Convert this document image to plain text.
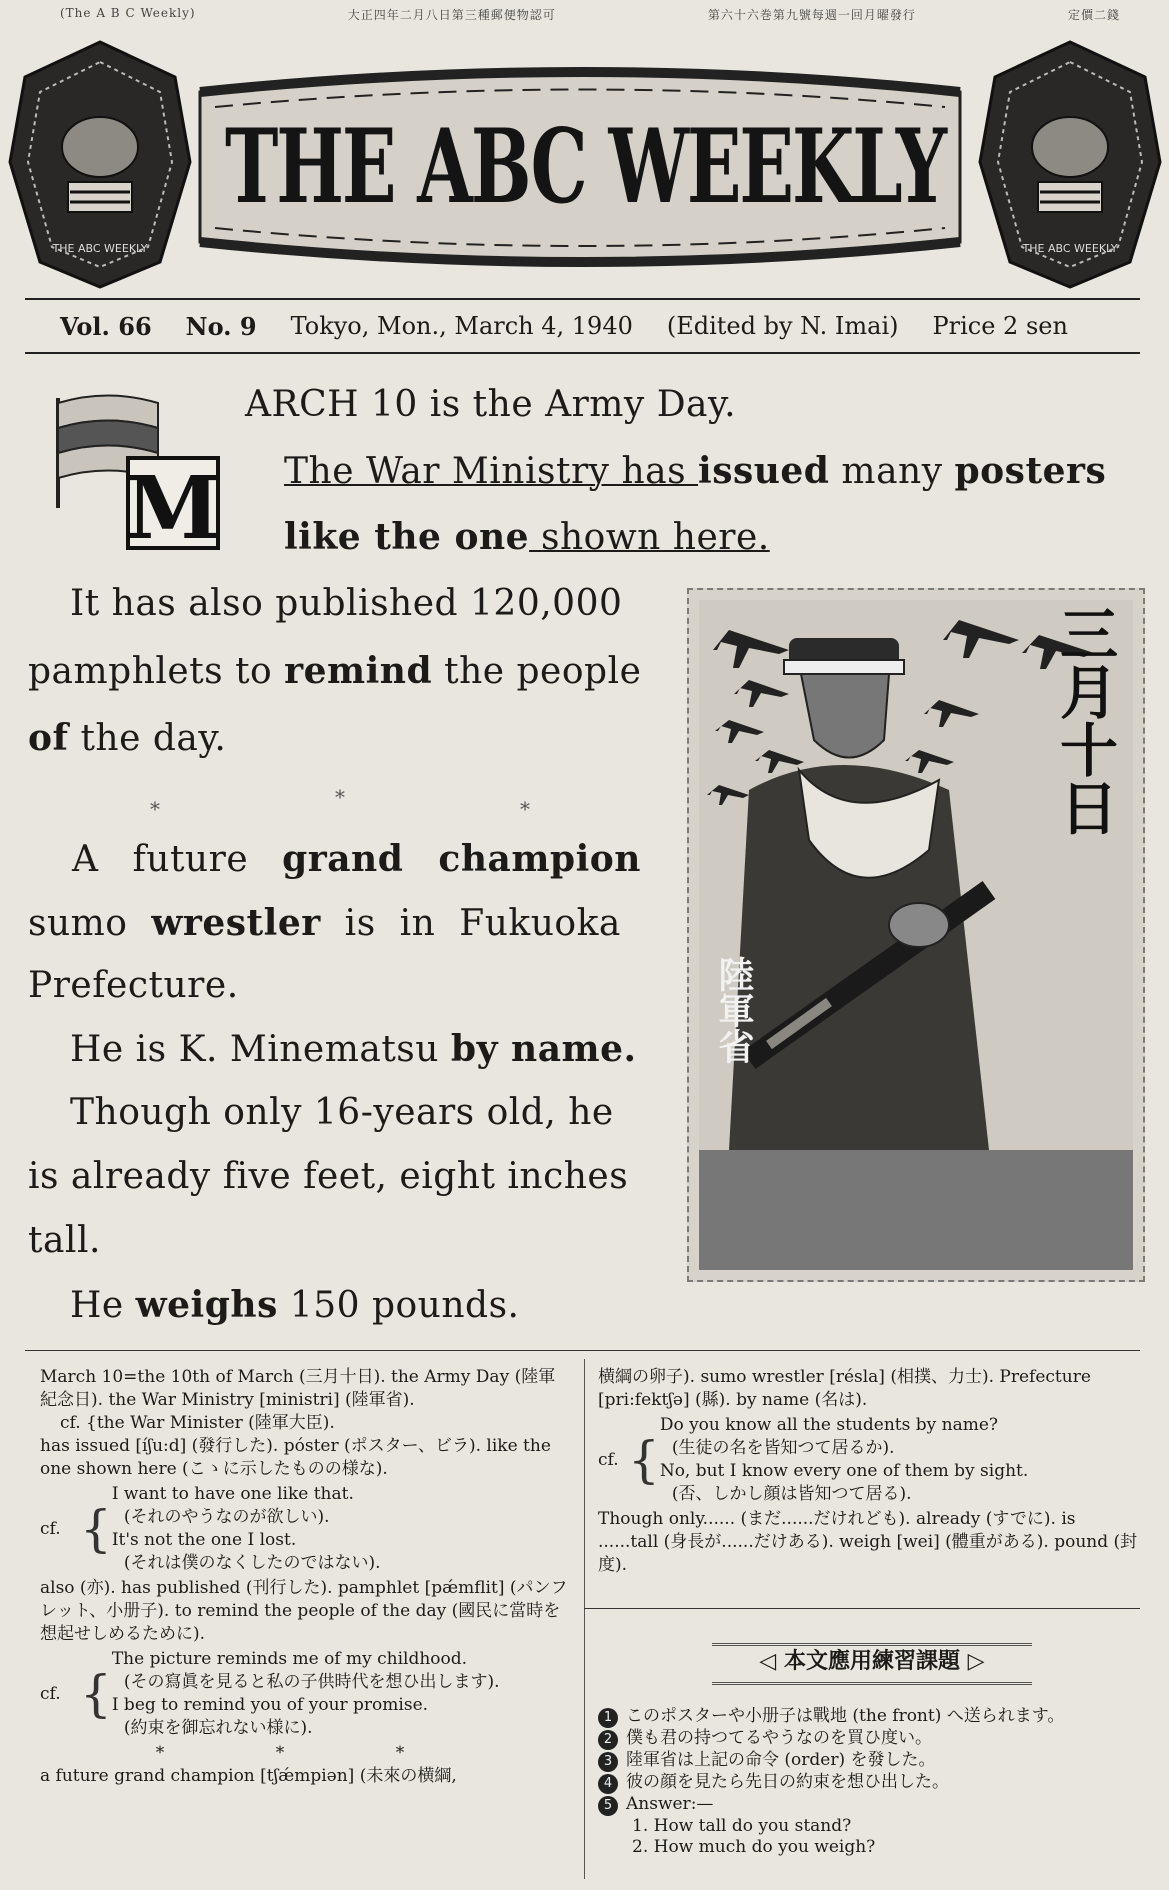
(The A B C Weekly)	大正四年二月八日第三種郵便物認可	第六十六巻第九號每週一回月曜發行	定價二錢
THE ABC WEEKLY
THE ABC WEEKLY	THE ABC WEEKLY
Vol. 66 No. 9 Tokyo, Mon., March 4, 1940 (Edited by N. Imai) Price 2 sen
M
ARCH 10 is the Army Day.
The War Ministry has issued many posters
like the one shown here.
It has also published 120,000
pamphlets to remind the people
of the day.
*	*	*
A future grand champion
sumo wrestler is in Fukuoka
Prefecture.
He is K. Minematsu by name.
Though only 16-years old, he
is already five feet, eight inches
tall.
He weighs 150 pounds.
三月十日
陸軍省
March 10=the 10th of March (三月十日). the Army Day (陸軍紀念日). the War Ministry [ministri] (陸軍省).
cf. {the War Minister (陸軍大臣).
has issued [íʃu:d] (發行した). póster (ポスター、ビラ). like the one shown here (こゝに示したものの様な).
cf. {
I want to have one like that.
(それのやうなのが欲しい).
It's not the one I lost.
(それは僕のなくしたのではない).
also (亦). has published (刊行した). pamphlet [pǽmflit] (パンフレット、小册子). to remind the people of the day (國民に當時を想起せしめるために).
cf. {
The picture reminds me of my childhood.
(その寫眞を見ると私の子供時代を想ひ出します).
I beg to remind you of your promise.
(約束を御忘れない様に).
*	*	*
a future grand champion [tʃǽmpiən] (未來の横綱,
横綱の卵子). sumo wrestler [résla] (相撲、力士). Prefecture [pri:fektʃə] (縣). by name (名は).
cf. {
Do you know all the students by name?
(生徒の名を皆知つて居るか).
No, but I know every one of them by sight.
(否、しかし顔は皆知つて居る).
Though only...... (まだ......だけれども). already (すでに). is ......tall (身長が......だけある). weigh [wei] (體重がある). pound (封度).
◁ 本文應用練習課題 ▷
1 このポスターや小册子は戰地 (the front) へ送られます。
2 僕も君の持つてるやうなのを買ひ度い。
3 陸軍省は上記の命令 (order) を發した。
4 彼の顔を見たら先日の約束を想ひ出した。
5 Answer:—
1. How tall do you stand?
2. How much do you weigh?
